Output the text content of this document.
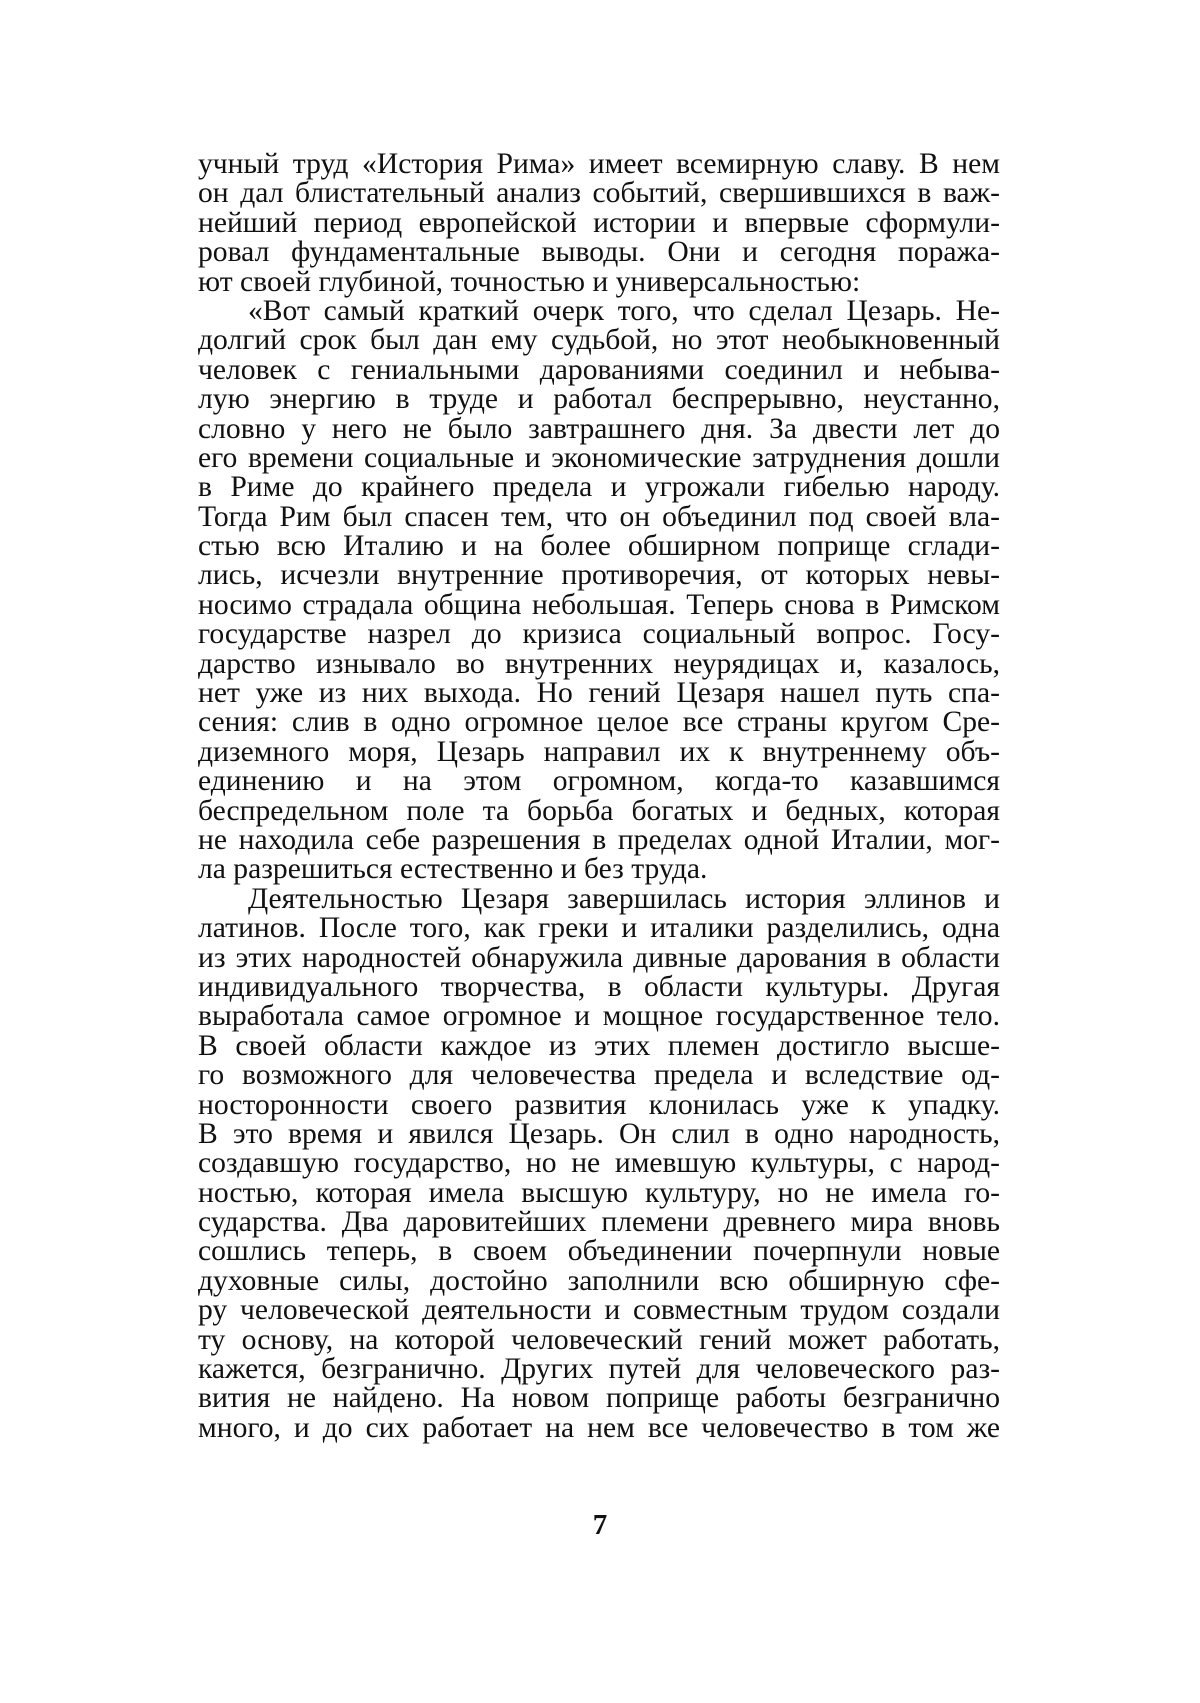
учный труд «История Рима» имеет всемирную славу. В нем
он дал блистательный анализ событий, свершившихся в важ-
нейший период европейской истории и впервые сформули-
ровал фундаментальные выводы. Они и сегодня поража-
ют своей глубиной, точностью и универсальностью:
«Вот самый краткий очерк того, что сделал Цезарь. Не-
долгий срок был дан ему судьбой, но этот необыкновенный
человек с гениальными дарованиями соединил и небыва-
лую энергию в труде и работал беспрерывно, неустанно,
словно у него не было завтрашнего дня. За двести лет до
его времени социальные и экономические затруднения дошли
в Риме до крайнего предела и угрожали гибелью народу.
Тогда Рим был спасен тем, что он объединил под своей вла-
стью всю Италию и на более обширном поприще сглади-
лись, исчезли внутренние противоречия, от которых невы-
носимо страдала община небольшая. Теперь снова в Римском
государстве назрел до кризиса социальный вопрос. Госу-
дарство изнывало во внутренних неурядицах и, казалось,
нет уже из них выхода. Но гений Цезаря нашел путь спа-
сения: слив в одно огромное целое все страны кругом Сре-
диземного моря, Цезарь направил их к внутреннему объ-
единению и на этом огромном, когда-то казавшимся
беспредельном поле та борьба богатых и бедных, которая
не находила себе разрешения в пределах одной Италии, мог-
ла разрешиться естественно и без труда.
Деятельностью Цезаря завершилась история эллинов и
латинов. После того, как греки и италики разделились, одна
из этих народностей обнаружила дивные дарования в области
индивидуального творчества, в области культуры. Другая
выработала самое огромное и мощное государственное тело.
В своей области каждое из этих племен достигло высше-
го возможного для человечества предела и вследствие од-
носторонности своего развития клонилась уже к упадку.
В это время и явился Цезарь. Он слил в одно народность,
создавшую государство, но не имевшую культуры, с народ-
ностью, которая имела высшую культуру, но не имела го-
сударства. Два даровитейших племени древнего мира вновь
сошлись теперь, в своем объединении почерпнули новые
духовные силы, достойно заполнили всю обширную сфе-
ру человеческой деятельности и совместным трудом создали
ту основу, на которой человеческий гений может работать,
кажется, безгранично. Других путей для человеческого раз-
вития не найдено. На новом поприще работы безгранично
много, и до сих работает на нем все человечество в том же
7
